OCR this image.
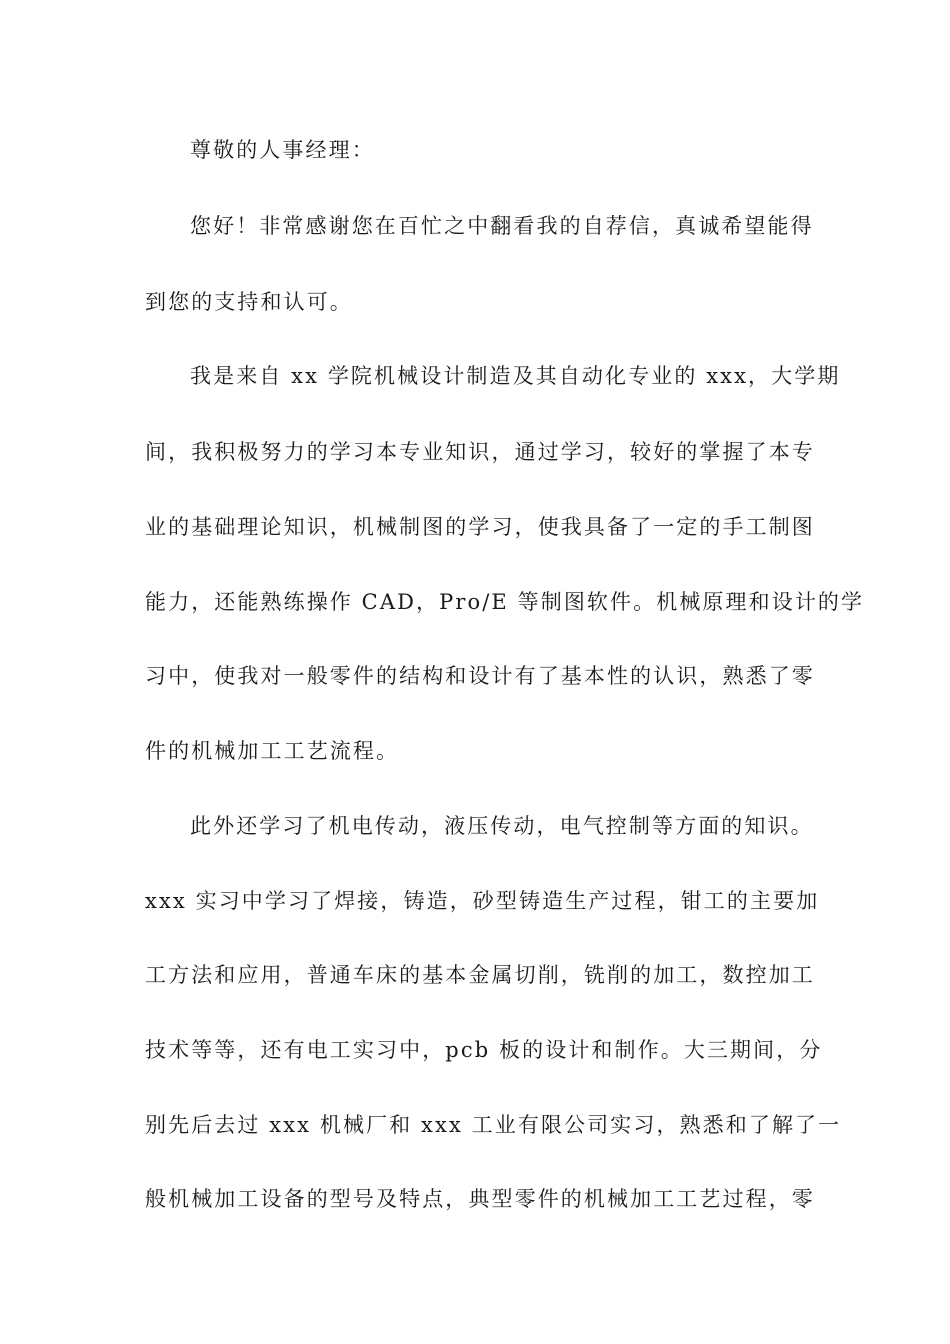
尊敬的人事经理：
您好！非常感谢您在百忙之中翻看我的自荐信，真诚希望能得
到您的支持和认可。
我是来自 xx 学院机械设计制造及其自动化专业的 xxx，大学期
间，我积极努力的学习本专业知识，通过学习，较好的掌握了本专
业的基础理论知识，机械制图的学习，使我具备了一定的手工制图
能力，还能熟练操作 CAD，Pro/E 等制图软件。机械原理和设计的学
习中，使我对一般零件的结构和设计有了基本性的认识，熟悉了零
件的机械加工工艺流程。
此外还学习了机电传动，液压传动，电气控制等方面的知识。
xxx 实习中学习了焊接，铸造，砂型铸造生产过程，钳工的主要加
工方法和应用，普通车床的基本金属切削，铣削的加工，数控加工
技术等等，还有电工实习中，pcb 板的设计和制作。大三期间，分
别先后去过 xxx 机械厂和 xxx 工业有限公司实习，熟悉和了解了一
般机械加工设备的型号及特点，典型零件的机械加工工艺过程，零
